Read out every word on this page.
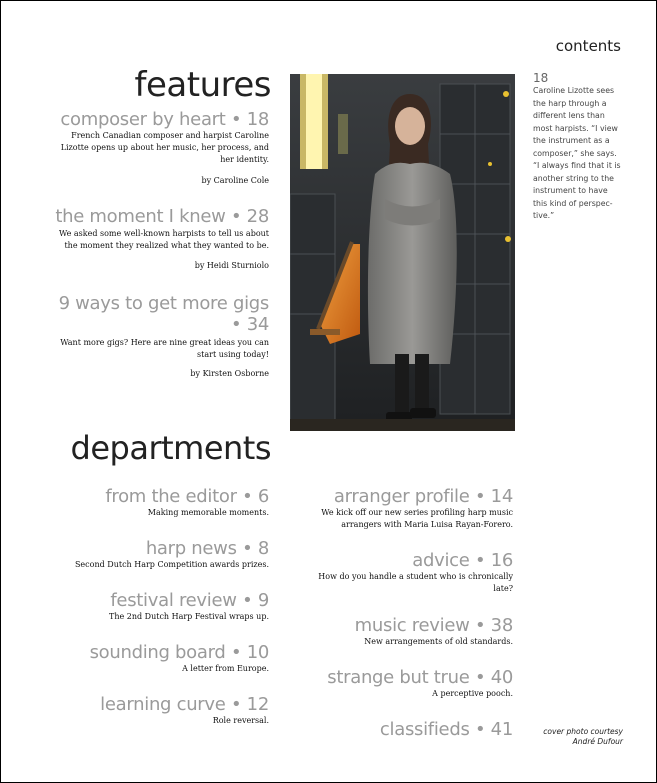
contents
features
composer by heart • 18
French Canadian composer and harpist Caroline
Lizotte opens up about her music, her process, and
her identity.
by Caroline Cole
the moment I knew • 28
We asked some well-known harpists to tell us about
the moment they realized what they wanted to be.
by Heidi Sturniolo
9 ways to get more gigs
• 34
Want more gigs? Here are nine great ideas you can
start using today!
by Kirsten Osborne
18
Caroline Lizotte sees
the harp through a
different lens than
most harpists. “I view
the instrument as a
composer,” she says.
“I always find that it is
another string to the
instrument to have
this kind of perspec-
tive.”
departments
from the editor • 6
Making memorable moments.
harp news • 8
Second Dutch Harp Competition awards prizes.
festival review • 9
The 2nd Dutch Harp Festival wraps up.
sounding board • 10
A letter from Europe.
learning curve • 12
Role reversal.
arranger profile • 14
We kick off our new series profiling harp music
arrangers with Maria Luisa Rayan-Forero.
advice • 16
How do you handle a student who is chronically
late?
music review • 38
New arrangements of old standards.
strange but true • 40
A perceptive pooch.
classifieds • 41	cover photo courtesy
André Dufour
